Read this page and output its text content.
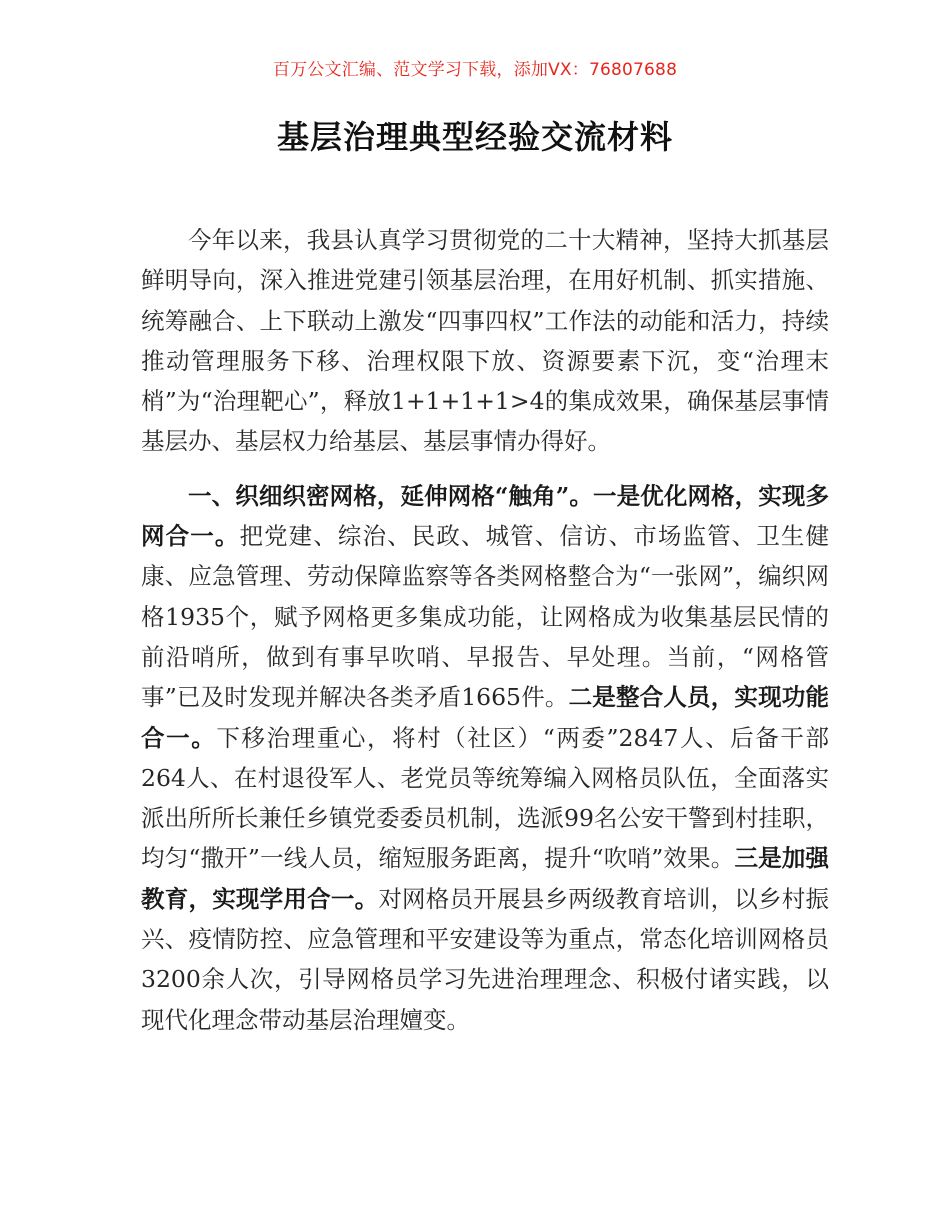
百万公文汇编、范文学习下载，添加VX：76807688
基层治理典型经验交流材料

今年以来，我县认真学习贯彻党的二十大精神，坚持大抓基层鲜明导向，深入推进党建引领基层治理，在用好机制、抓实措施、统筹融合、上下联动上激发“四事四权”工作法的动能和活力，持续推动管理服务下移、治理权限下放、资源要素下沉，变“治理末梢”为“治理靶心”，释放1+1+1+1>4的集成效果，确保基层事情基层办、基层权力给基层、基层事情办得好。

一、织细织密网格，延伸网格“触角”。一是优化网格，实现多网合一。把党建、综治、民政、城管、信访、市场监管、卫生健康、应急管理、劳动保障监察等各类网格整合为“一张网”，编织网格1935个，赋予网格更多集成功能，让网格成为收集基层民情的前沿哨所，做到有事早吹哨、早报告、早处理。当前，“网格管事”已及时发现并解决各类矛盾1665件。二是整合人员，实现功能合一。下移治理重心，将村（社区）“两委”2847人、后备干部264人、在村退役军人、老党员等统筹编入网格员队伍，全面落实派出所所长兼任乡镇党委委员机制，选派99名公安干警到村挂职，均匀“撒开”一线人员，缩短服务距离，提升“吹哨”效果。三是加强教育，实现学用合一。对网格员开展县乡两级教育培训，以乡村振兴、疫情防控、应急管理和平安建设等为重点，常态化培训网格员3200余人次，引导网格员学习先进治理理念、积极付诸实践，以现代化理念带动基层治理嬗变。
